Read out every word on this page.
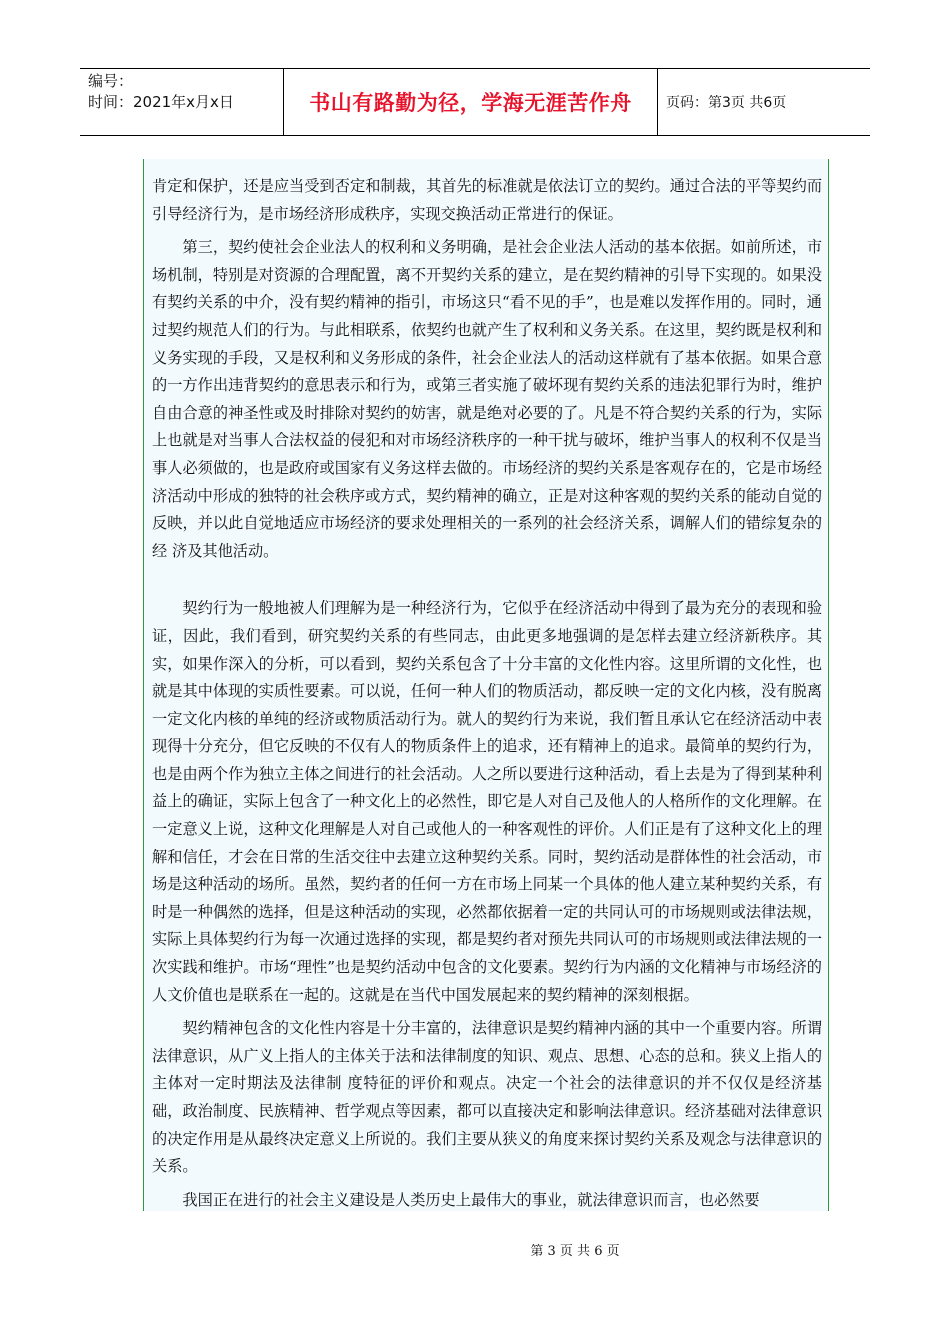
编号：
时间：2021年x月x日	书山有路勤为径，学海无涯苦作舟	页码：第3页 共6页

肯定和保护，还是应当受到否定和制裁，其首先的标准就是依法订立的契约。通过合法的平等契约而引导经济行为，是市场经济形成秩序，实现交换活动正常进行的保证。

第三，契约使社会企业法人的权利和义务明确，是社会企业法人活动的基本依据。如前所述，市场机制，特别是对资源的合理配置，离不开契约关系的建立，是在契约精神的引导下实现的。如果没有契约关系的中介，没有契约精神的指引，市场这只“看不见的手”，也是难以发挥作用的。同时，通过契约规范人们的行为。与此相联系，依契约也就产生了权利和义务关系。在这里，契约既是权利和义务实现的手段，又是权利和义务形成的条件，社会企业法人的活动这样就有了基本依据。如果合意的一方作出违背契约的意思表示和行为，或第三者实施了破坏现有契约关系的违法犯罪行为时，维护自由合意的神圣性或及时排除对契约的妨害，就是绝对必要的了。凡是不符合契约关系的行为，实际上也就是对当事人合法权益的侵犯和对市场经济秩序的一种干扰与破坏，维护当事人的权利不仅是当事人必须做的，也是政府或国家有义务这样去做的。市场经济的契约关系是客观存在的，它是市场经济活动中形成的独特的社会秩序或方式，契约精神的确立，正是对这种客观的契约关系的能动自觉的反映，并以此自觉地适应市场经济的要求处理相关的一系列的社会经济关系，调解人们的错综复杂的经 济及其他活动。

契约行为一般地被人们理解为是一种经济行为，它似乎在经济活动中得到了最为充分的表现和验证，因此，我们看到，研究契约关系的有些同志，由此更多地强调的是怎样去建立经济新秩序。其实，如果作深入的分析，可以看到，契约关系包含了十分丰富的文化性内容。这里所谓的文化性，也就是其中体现的实质性要素。可以说，任何一种人们的物质活动，都反映一定的文化内核，没有脱离一定文化内核的单纯的经济或物质活动行为。就人的契约行为来说，我们暂且承认它在经济活动中表现得十分充分，但它反映的不仅有人的物质条件上的追求，还有精神上的追求。最简单的契约行为，也是由两个作为独立主体之间进行的社会活动。人之所以要进行这种活动，看上去是为了得到某种利益上的确证，实际上包含了一种文化上的必然性，即它是人对自己及他人的人格所作的文化理解。在一定意义上说，这种文化理解是人对自己或他人的一种客观性的评价。人们正是有了这种文化上的理解和信任，才会在日常的生活交往中去建立这种契约关系。同时，契约活动是群体性的社会活动，市场是这种活动的场所。虽然，契约者的任何一方在市场上同某一个具体的他人建立某种契约关系，有时是一种偶然的选择，但是这种活动的实现，必然都依据着一定的共同认可的市场规则或法律法规，实际上具体契约行为每一次通过选择的实现，都是契约者对预先共同认可的市场规则或法律法规的一次实践和维护。市场“理性”也是契约活动中包含的文化要素。契约行为内涵的文化精神与市场经济的人文价值也是联系在一起的。这就是在当代中国发展起来的契约精神的深刻根据。

契约精神包含的文化性内容是十分丰富的，法律意识是契约精神内涵的其中一个重要内容。所谓法律意识，从广义上指人的主体关于法和法律制度的知识、观点、思想、心态的总和。狭义上指人的主体对一定时期法及法律制 度特征的评价和观点。决定一个社会的法律意识的并不仅仅是经济基础，政治制度、民族精神、哲学观点等因素，都可以直接决定和影响法律意识。经济基础对法律意识的决定作用是从最终决定意义上所说的。我们主要从狭义的角度来探讨契约关系及观念与法律意识的关系。

我国正在进行的社会主义建设是人类历史上最伟大的事业，就法律意识而言，也必然要

第 3 页 共 6 页
